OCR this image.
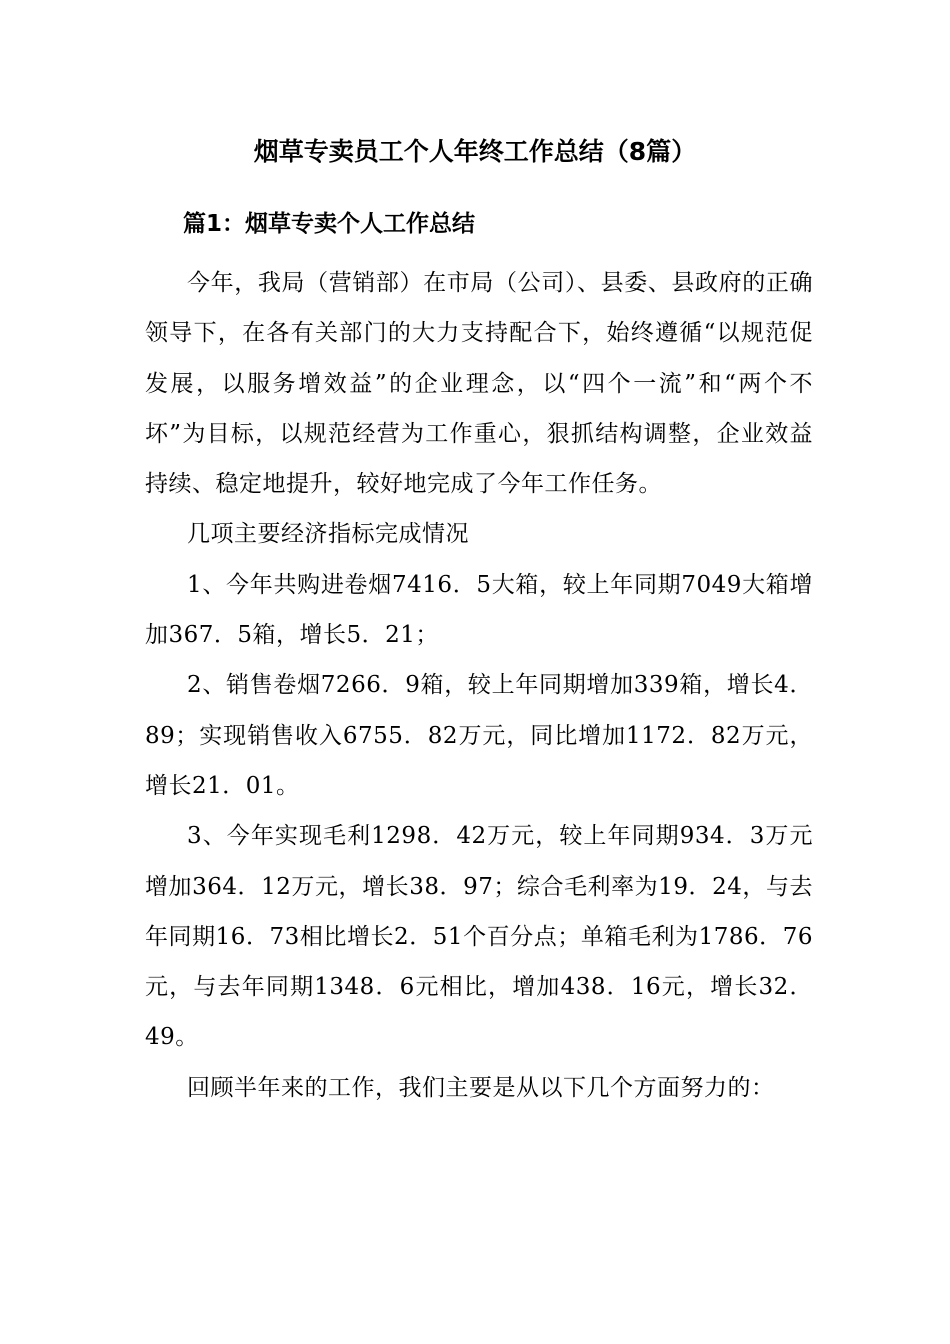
烟草专卖员工个人年终工作总结（8篇）
篇1：烟草专卖个人工作总结

今年，我局（营销部）在市局（公司）、县委、县政府的正确领导下，在各有关部门的大力支持配合下，始终遵循“以规范促发展，以服务增效益”的企业理念，以“四个一流”和“两个不坏”为目标，以规范经营为工作重心，狠抓结构调整，企业效益持续、稳定地提升，较好地完成了今年工作任务。

几项主要经济指标完成情况

1、今年共购进卷烟7416．5大箱，较上年同期7049大箱增加367．5箱，增长5．21；

2、销售卷烟7266．9箱，较上年同期增加339箱，增长4．89；实现销售收入6755．82万元，同比增加1172．82万元，增长21．01。

3、今年实现毛利1298．42万元，较上年同期934．3万元增加364．12万元，增长38．97；综合毛利率为19．24，与去年同期16．73相比增长2．51个百分点；单箱毛利为1786．76元，与去年同期1348．6元相比，增加438．16元，增长32．49。

回顾半年来的工作，我们主要是从以下几个方面努力的：
